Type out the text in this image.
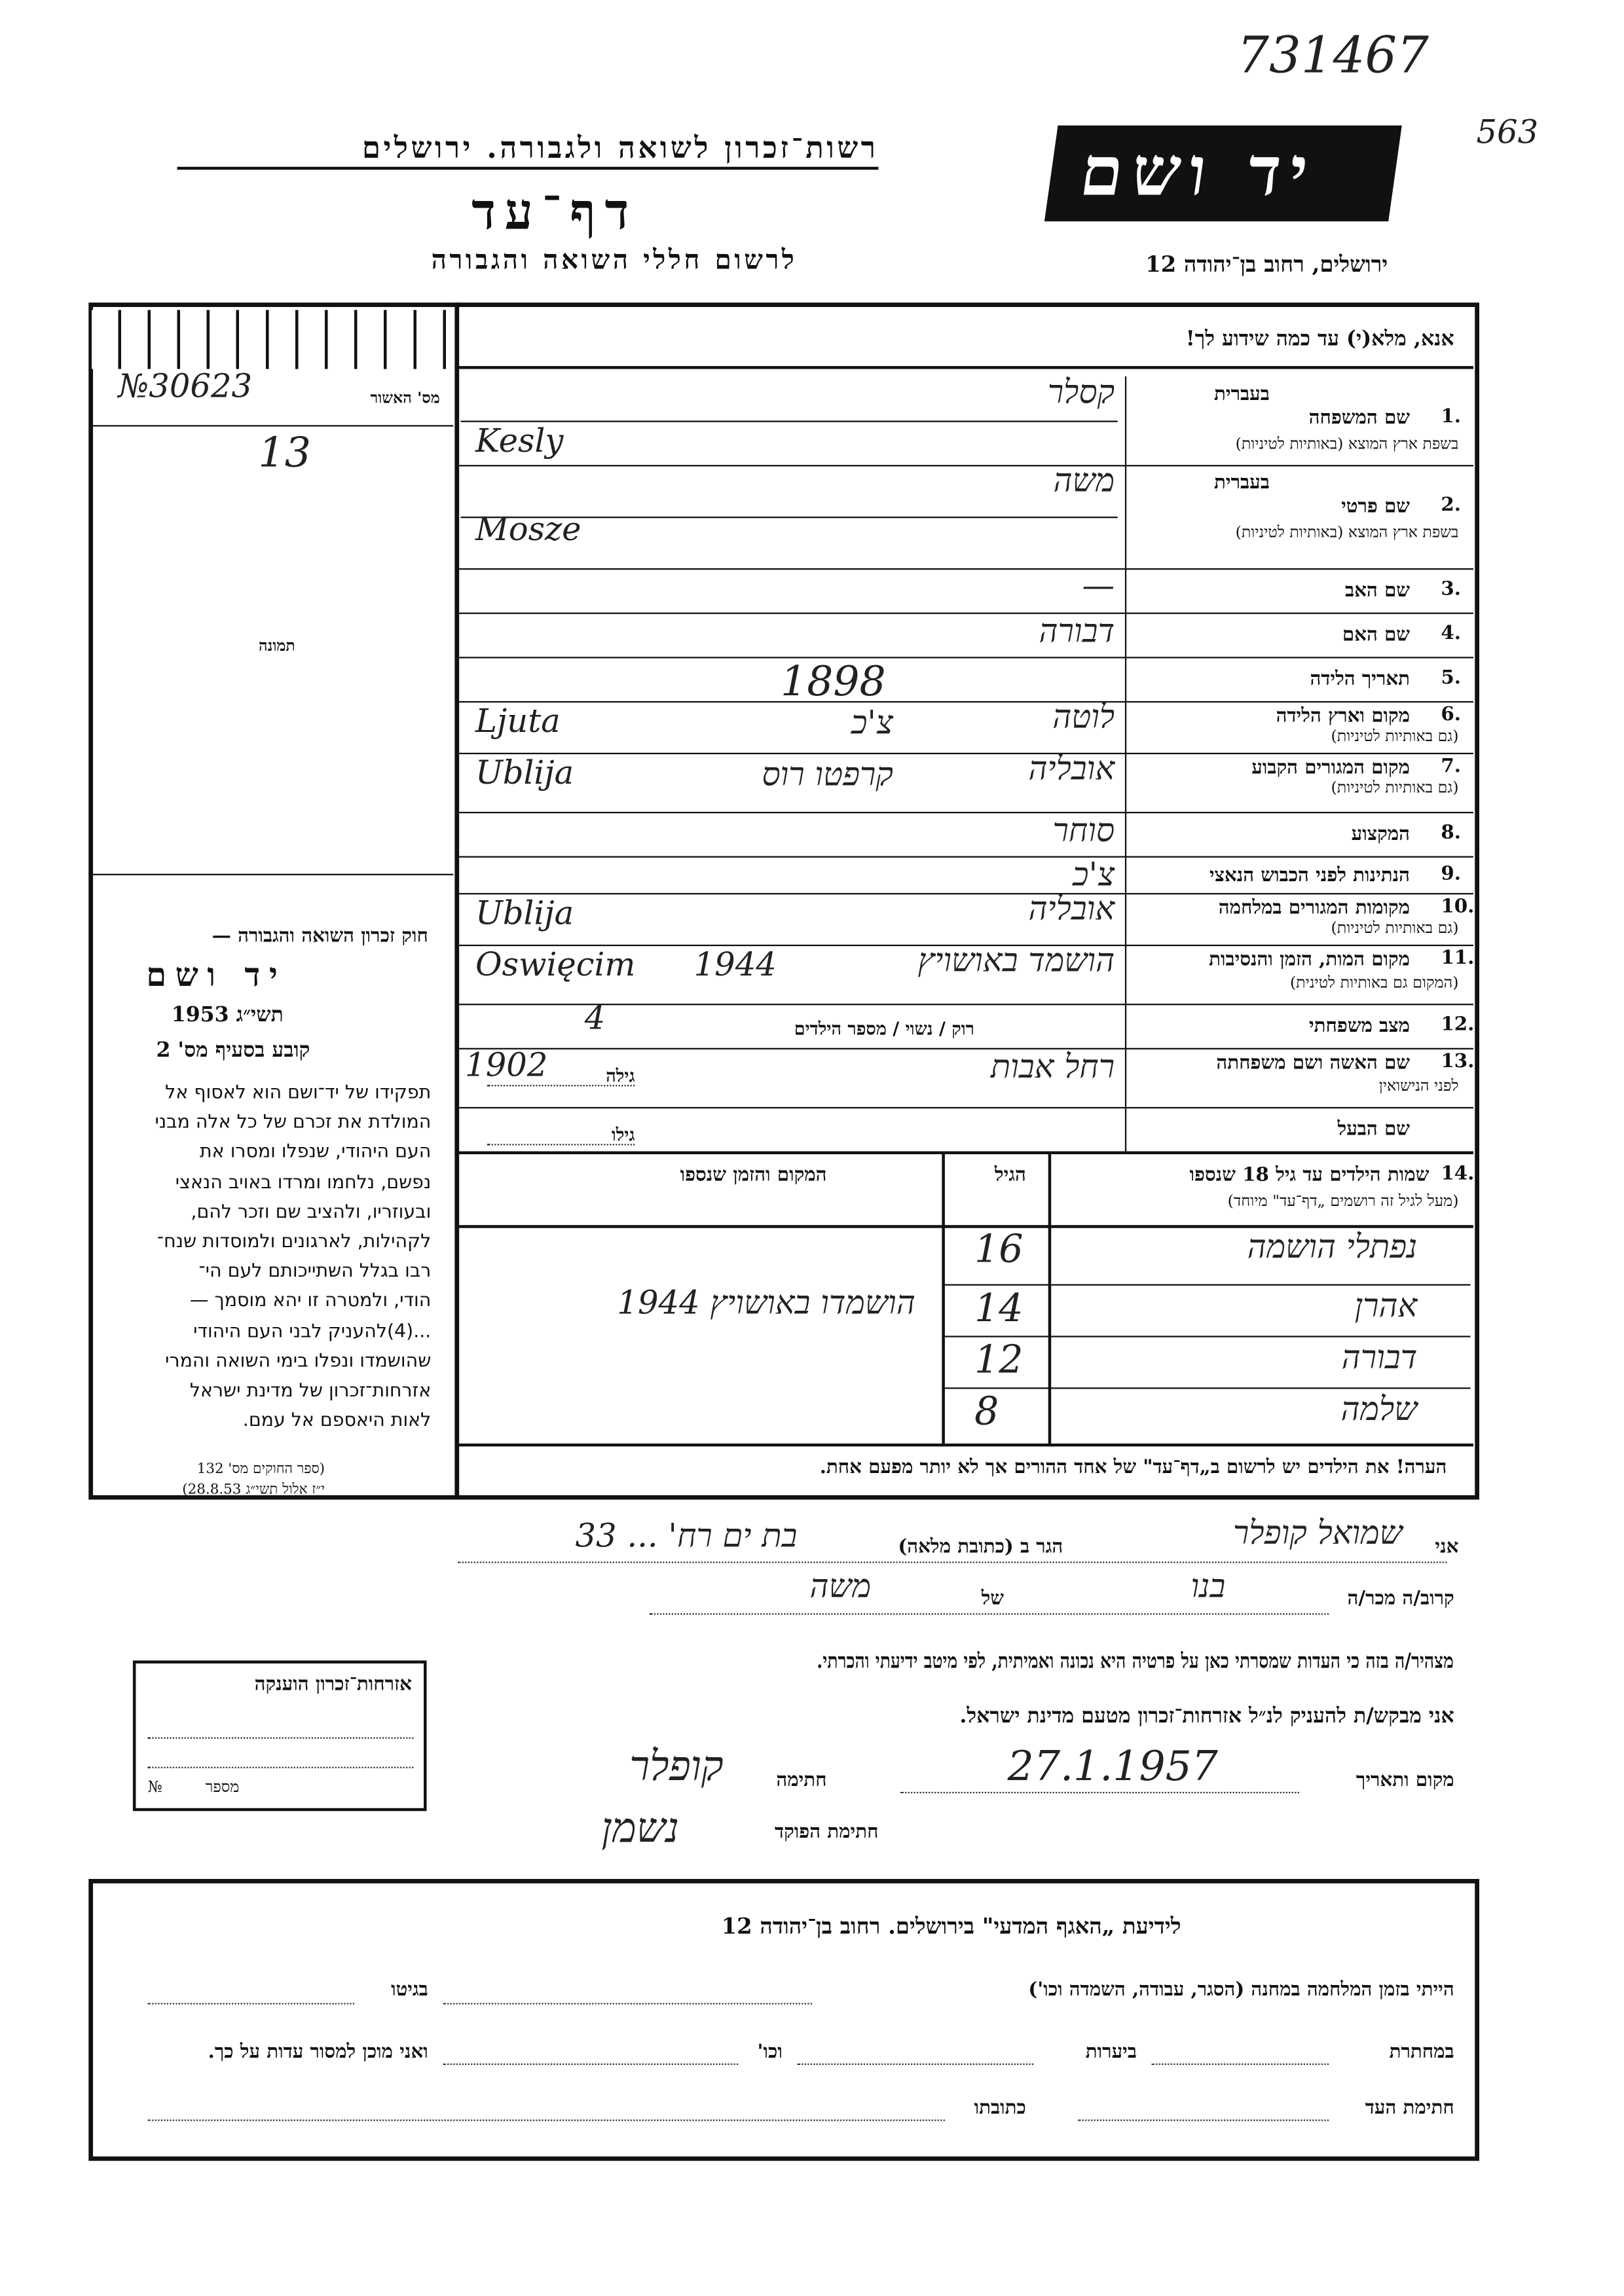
731467
563
רשות־זכרון לשואה ולגבורה. ירושלים	יד ושם
דף־עד
לרשום חללי השואה והגבורה	ירושלים, רחוב בן־יהודה 12
אנא, מלא(י) עד כמה שידוע לך!
מס' האשור
№30623
13
תמונה
חוק זכרון השואה והגבורה —
יד ושם
תשי״ג 1953
קובע בסעיף מס' 2
תפקידו של יד־ושם הוא לאסוף אל
המולדת את זכרם של כל אלה מבני
העם היהודי, שנפלו ומסרו את
נפשם, נלחמו ומרדו באויב הנאצי
ובעוזריו, ולהציב שם וזכר להם,
לקהילות, לארגונים ולמוסדות שנח־
רבו בגלל השתייכותם לעם הי־
הודי, ולמטרה זו יהא מוסמך —
...(4)להעניק לבני העם היהודי
שהושמדו ונפלו בימי השואה והמרי
אזרחות־זכרון של מדינת ישראל
לאות היאספם אל עמם.
(ספר החוקים מס' 132
י״ז אלול תשי״ג 28.8.53)
אזרחות־זכרון הוענקה
מספר
№
1.
שם המשפחה
בעברית
בשפת ארץ המוצא (באותיות לטיניות)
קסלר
Kesly
2.
שם פרטי
בעברית
בשפת ארץ המוצא (באותיות לטיניות)
משה
Mosze
3.
שם האב
—
4.
שם האם
דבורה
5.
תאריך הלידה
1898
6.
מקום וארץ הלידה
(גם באותיות לטיניות)
לוטה
Ljuta	צ'כ
7.
מקום המגורים הקבוע
(גם באותיות לטיניות)
אובליה
Ublija	קרפטו רוס
8.
המקצוע
סוחר
9.
הנתינות לפני הכבוש הנאצי
צ'כ
10.
מקומות המגורים במלחמה
(גם באותיות לטיניות)
אובליה
Ublija
11.
מקום המות, הזמן והנסיבות
(המקום גם באותיות לטינית)
הושמד באושויץ
Oswięcim	1944
12.
מצב משפחתי
רוק / נשוי / מספר הילדים
4
13.
שם האשה ושם משפחתה
לפני הנישואין
רחל אבות
גילה
1902
שם הבעל
גילו
נפתלי הושמה
16
אהרן
14
דבורה
12
שלמה
8
שמות הילדים עד גיל 18 שנספו 14.
(מעל לגיל זה רושמים „דף־עד" מיוחד)
הגיל
המקום והזמן שנספו
הושמדו באושויץ 1944
הערה! את הילדים יש לרשום ב„דף־עד" של אחד ההורים אך לא יותר מפעם אחת.
אני
שמואל קופלר
הגר ב (כתובת מלאה)
בת ים רח' ... 33
קרוב/ה מכר/ה
בנו
של
משה
מצהיר/ה בזה כי העדות שמסרתי כאן על פרטיה היא נכונה ואמיתית, לפי מיטב ידיעתי והכרתי.
אני מבקש/ת להעניק לנ״ל אזרחות־זכרון מטעם מדינת ישראל.
מקום ותאריך
27.1.1957
חתימה
קופלר
חתימת הפוקד
נשמן
לידיעת „האגף המדעי" בירושלים. רחוב בן־יהודה 12
הייתי בזמן המלחמה במחנה (הסגר, עבודה, השמדה וכו')
בגיטו
במחתרת
ביערות
וכו'
ואני מוכן למסור עדות על כך.
חתימת העד
כתובתו
